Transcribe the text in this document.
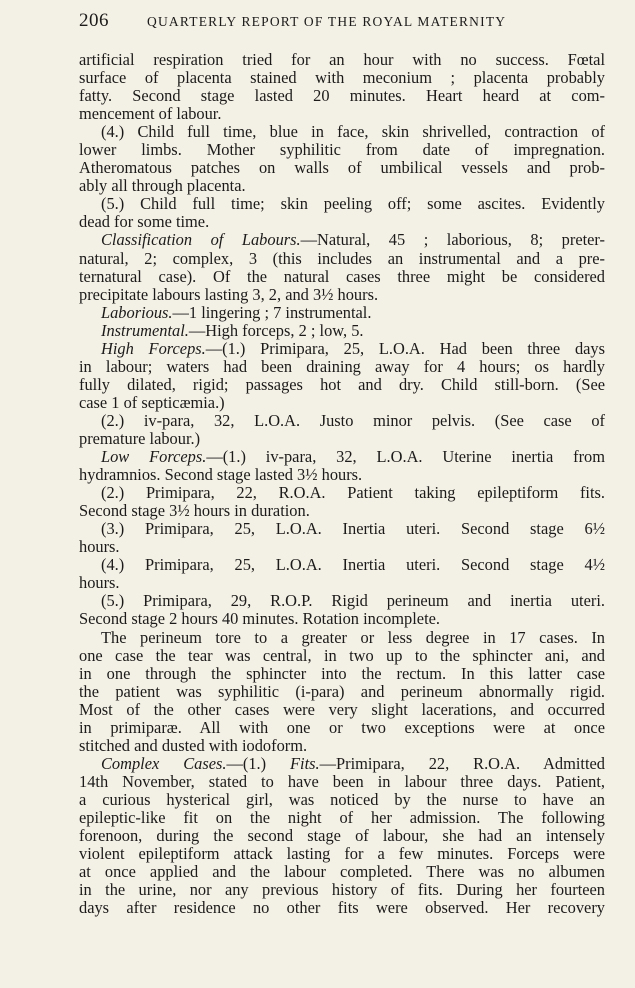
206	QUARTERLY REPORT OF THE ROYAL MATERNITY
artificial respiration tried for an hour with no success. Fœtal
surface of placenta stained with meconium ; placenta probably
fatty. Second stage lasted 20 minutes. Heart heard at com-
mencement of labour.
(4.) Child full time, blue in face, skin shrivelled, contraction of
lower limbs. Mother syphilitic from date of impregnation.
Atheromatous patches on walls of umbilical vessels and prob-
ably all through placenta.
(5.) Child full time; skin peeling off; some ascites. Evidently
dead for some time.
Classification of Labours.—Natural, 45 ; laborious, 8; preter-
natural, 2; complex, 3 (this includes an instrumental and a pre-
ternatural case). Of the natural cases three might be considered
precipitate labours lasting 3, 2, and 3½ hours.
Laborious.—1 lingering ; 7 instrumental.
Instrumental.—High forceps, 2 ; low, 5.
High Forceps.—(1.) Primipara, 25, L.O.A. Had been three days
in labour; waters had been draining away for 4 hours; os hardly
fully dilated, rigid; passages hot and dry. Child still-born. (See
case 1 of septicæmia.)
(2.) iv-para, 32, L.O.A. Justo minor pelvis. (See case of
premature labour.)
Low Forceps.—(1.) iv-para, 32, L.O.A. Uterine inertia from
hydramnios. Second stage lasted 3½ hours.
(2.) Primipara, 22, R.O.A. Patient taking epileptiform fits.
Second stage 3½ hours in duration.
(3.) Primipara, 25, L.O.A. Inertia uteri. Second stage 6½
hours.
(4.) Primipara, 25, L.O.A. Inertia uteri. Second stage 4½
hours.
(5.) Primipara, 29, R.O.P. Rigid perineum and inertia uteri.
Second stage 2 hours 40 minutes. Rotation incomplete.
The perineum tore to a greater or less degree in 17 cases. In
one case the tear was central, in two up to the sphincter ani, and
in one through the sphincter into the rectum. In this latter case
the patient was syphilitic (i-para) and perineum abnormally rigid.
Most of the other cases were very slight lacerations, and occurred
in primiparæ. All with one or two exceptions were at once
stitched and dusted with iodoform.
Complex Cases.—(1.) Fits.—Primipara, 22, R.O.A. Admitted
14th November, stated to have been in labour three days. Patient,
a curious hysterical girl, was noticed by the nurse to have an
epileptic-like fit on the night of her admission. The following
forenoon, during the second stage of labour, she had an intensely
violent epileptiform attack lasting for a few minutes. Forceps were
at once applied and the labour completed. There was no albumen
in the urine, nor any previous history of fits. During her fourteen
days after residence no other fits were observed. Her recovery
